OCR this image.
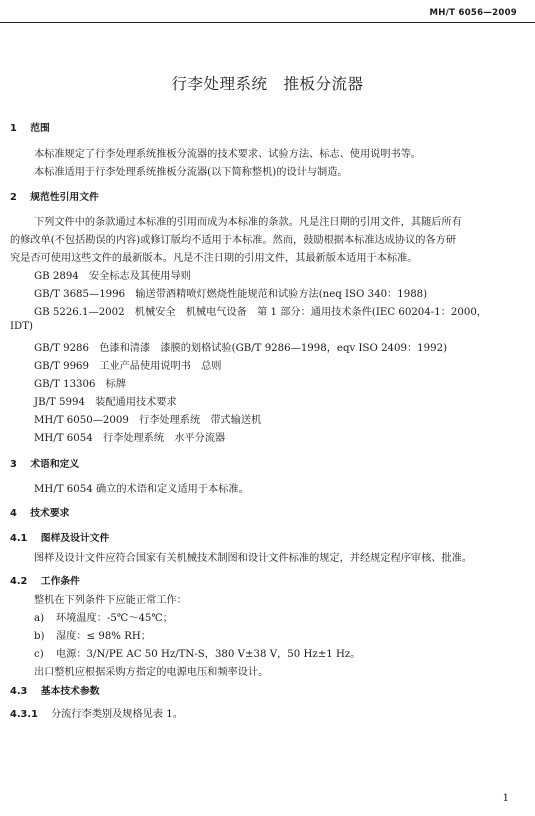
MH/T 6056—2009
行李处理系统　推板分流器
1 范围
本标准规定了行李处理系统推板分流器的技术要求、试验方法、标志、使用说明书等。
本标准适用于行李处理系统推板分流器(以下简称整机)的设计与制造。
2 规范性引用文件
下列文件中的条款通过本标准的引用而成为本标准的条款。凡是注日期的引用文件，其随后所有
的修改单(不包括勘误的内容)或修订版均不适用于本标准。然而，鼓励根据本标准达成协议的各方研
究是否可使用这些文件的最新版本。凡是不注日期的引用文件，其最新版本适用于本标准。
GB 2894　安全标志及其使用导则
GB/T 3685—1996　输送带酒精喷灯燃烧性能规范和试验方法(neq ISO 340：1988)
GB 5226.1—2002　机械安全　机械电气设备　第 1 部分：通用技术条件(IEC 60204-1：2000，
IDT)
GB/T 9286　色漆和清漆　漆膜的划格试验(GB/T 9286—1998，eqv ISO 2409：1992)
GB/T 9969　工业产品使用说明书　总则
GB/T 13306　标牌
JB/T 5994　装配通用技术要求
MH/T 6050—2009　行李处理系统　带式输送机
MH/T 6054　行李处理系统　水平分流器
3 术语和定义
MH/T 6054 确立的术语和定义适用于本标准。
4 技术要求
4.1 图样及设计文件
图样及设计文件应符合国家有关机械技术制图和设计文件标准的规定，并经规定程序审核、批准。
4.2 工作条件
整机在下列条件下应能正常工作：
a) 环境温度：-5℃～45℃；
b) 湿度：≤ 98% RH；
c) 电源：3/N/PE AC 50 Hz/TN-S，380 V±38 V，50 Hz±1 Hz。
出口整机应根据采购方指定的电源电压和频率设计。
4.3 基本技术参数
4.3.1 分流行李类别及规格见表 1。
1
